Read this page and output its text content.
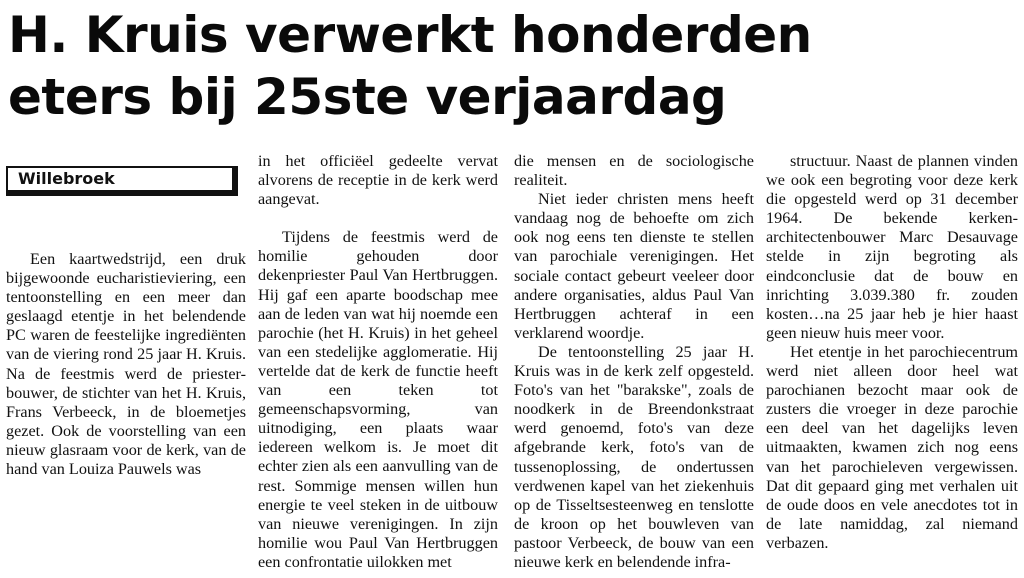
H. Kruis verwerkt honderden
eters bij 25ste verjaardag
Willebroek

Een kaartwedstrijd, een druk bijgewoonde eucharistieviering, een tentoonstelling en een meer dan geslaagd etentje in het belendende PC waren de feestelijke ingrediënten van de viering rond 25 jaar H. Kruis. Na de feestmis werd de priester-bouwer, de stichter van het H. Kruis, Frans Verbeeck, in de bloemetjes gezet. Ook de voorstelling van een nieuw glasraam voor de kerk, van de hand van Louiza Pauwels was

in het officiëel gedeelte vervat alvorens de receptie in de kerk werd aangevat.

Tijdens de feestmis werd de homilie gehouden door dekenpriester Paul Van Hertbruggen. Hij gaf een aparte boodschap mee aan de leden van wat hij noemde een parochie (het H. Kruis) in het geheel van een stedelijke agglomeratie. Hij vertelde dat de kerk de functie heeft van een teken tot gemeenschapsvorming, van uitnodiging, een plaats waar iedereen welkom is. Je moet dit echter zien als een aanvulling van de rest. Sommige mensen willen hun energie te veel steken in de uitbouw van nieuwe verenigingen. In zijn homilie wou Paul Van Hertbruggen een confrontatie uilokken met

die mensen en de sociologische realiteit.

Niet ieder christen mens heeft vandaag nog de behoefte om zich ook nog eens ten dienste te stellen van parochiale verenigingen. Het sociale contact gebeurt veeleer door andere organisaties, aldus Paul Van Hertbruggen achteraf in een verklarend woordje.

De tentoonstelling 25 jaar H. Kruis was in de kerk zelf opgesteld. Foto's van het "barakske", zoals de noodkerk in de Breendonkstraat werd genoemd, foto's van deze afgebrande kerk, foto's van de tussenoplossing, de ondertussen verdwenen kapel van het ziekenhuis op de Tisseltsesteenweg en tenslotte de kroon op het bouwleven van pastoor Verbeeck, de bouw van een nieuwe kerk en belendende infra-

structuur. Naast de plannen vinden we ook een begroting voor deze kerk die opgesteld werd op 31 december 1964. De bekende kerken-architectenbouwer Marc Desauvage stelde in zijn begroting als eindconclusie dat de bouw en inrichting 3.039.380 fr. zouden kosten…na 25 jaar heb je hier haast geen nieuw huis meer voor.

Het etentje in het parochiecentrum werd niet alleen door heel wat parochianen bezocht maar ook de zusters die vroeger in deze parochie een deel van het dagelijks leven uitmaakten, kwamen zich nog eens van het parochieleven vergewissen. Dat dit gepaard ging met verhalen uit de oude doos en vele anecdotes tot in de late namiddag, zal niemand verbazen.
